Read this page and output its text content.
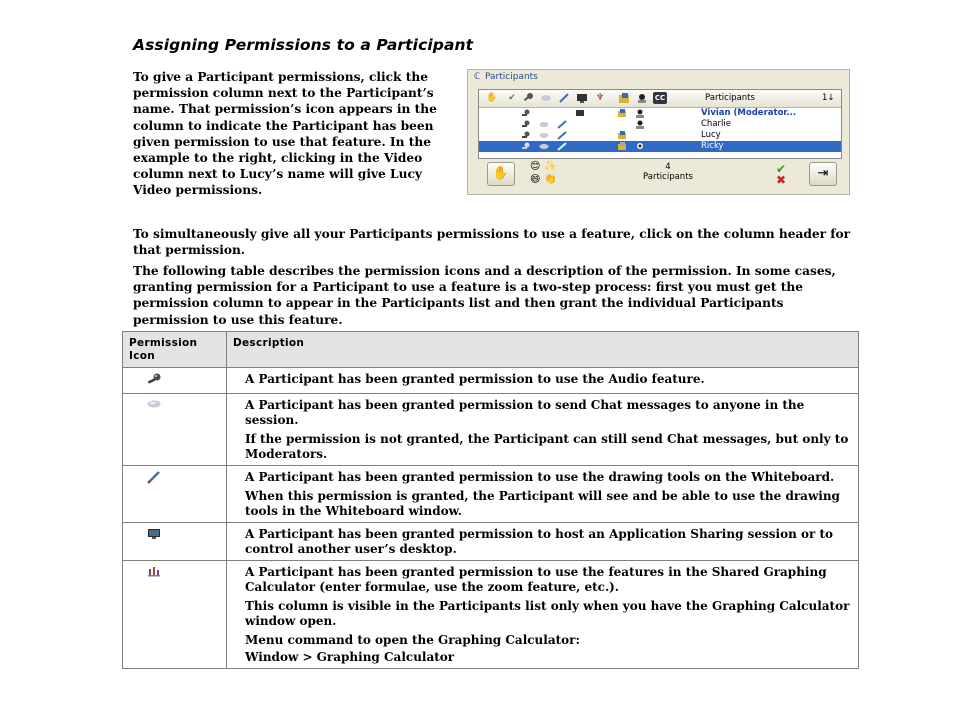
Assigning Permissions to a Participant
To give a Participant permissions, click the permission column next to the Participant’s name. That permission’s icon appears in the column to indicate the Participant has been given permission to use that feature. In the example to the right, clicking in the Video column next to Lucy’s name will give Lucy Video permissions.
ℂ Participants
✋	✔	♆	CC	Participants	1↓
Vivian (Moderator...
Charlie
Lucy
Ricky
✋	😊 ✨
😄 👏
4
Participants
✔
✖	⇥
To simultaneously give all your Participants permissions to use a feature, click on the column header for that permission.
The following table describes the permission icons and a description of the permission. In some cases, granting permission for a Participant to use a feature is a two-step process: first you must get the permission column to appear in the Participants list and then grant the individual Participants permission to use this feature.
Permission Icon	Description

A Participant has been granted permission to use the Audio feature.

A Participant has been granted permission to send Chat messages to anyone in the session.

If the permission is not granted, the Participant can still send Chat messages, but only to Moderators.

A Participant has been granted permission to use the drawing tools on the Whiteboard.

When this permission is granted, the Participant will see and be able to use the drawing tools in the Whiteboard window.

A Participant has been granted permission to host an Application Sharing session or to control another user’s desktop.

A Participant has been granted permission to use the features in the Shared Graphing Calculator (enter formulae, use the zoom feature, etc.).

This column is visible in the Participants list only when you have the Graphing Calculator window open.

Menu command to open the Graphing Calculator:

Window > Graphing Calculator
